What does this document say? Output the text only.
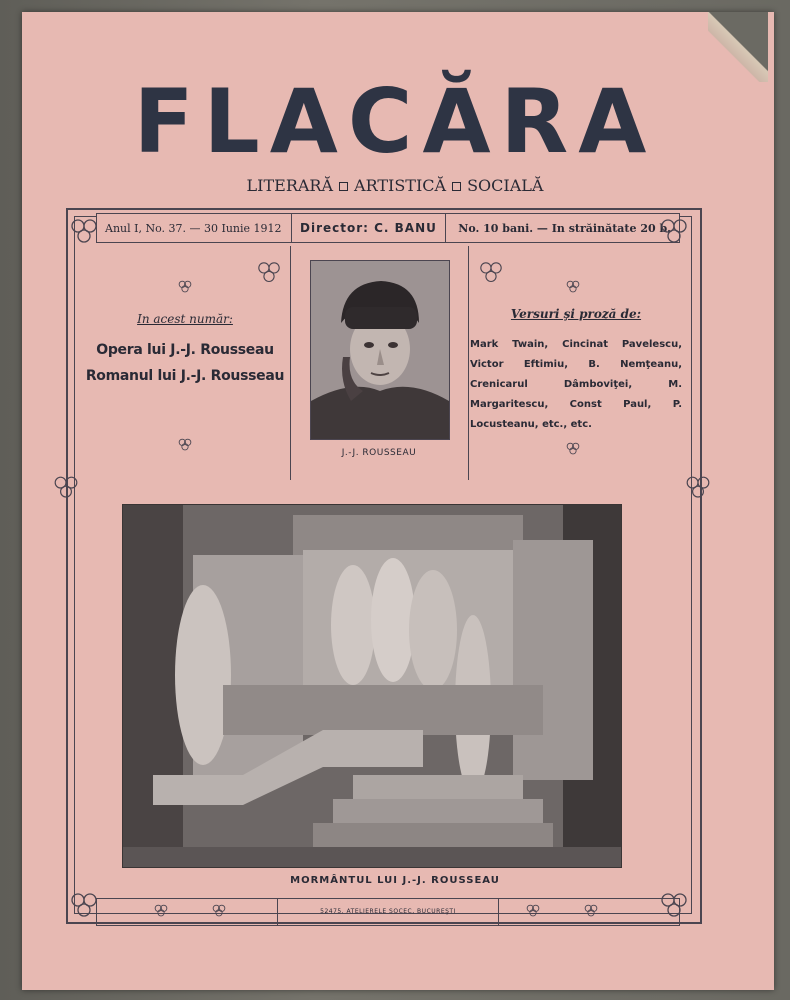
FLACĂRA
LITERARĂ ARTISTICĂ SOCIALĂ
Anul I, No. 37. — 30 Iunie 1912	Director: C. BANU	No. 10 bani. — In străinătate 20 b.
In acest număr:
Opera lui J.-J. Rousseau
Romanul lui J.-J. Rousseau
J.-J. ROUSSEAU
Versuri şi proză de:
Mark Twain, Cincinat Pavelescu, Victor Eftimiu, B. Nemţeanu, Crenicarul Dâmboviţei, M. Margaritescu, Const Paul, P. Locusteanu, etc., etc.
MORMÂNTUL LUI J.-J. ROUSSEAU
52475. ATELIERELE SOCEC, BUCUREŞTI
